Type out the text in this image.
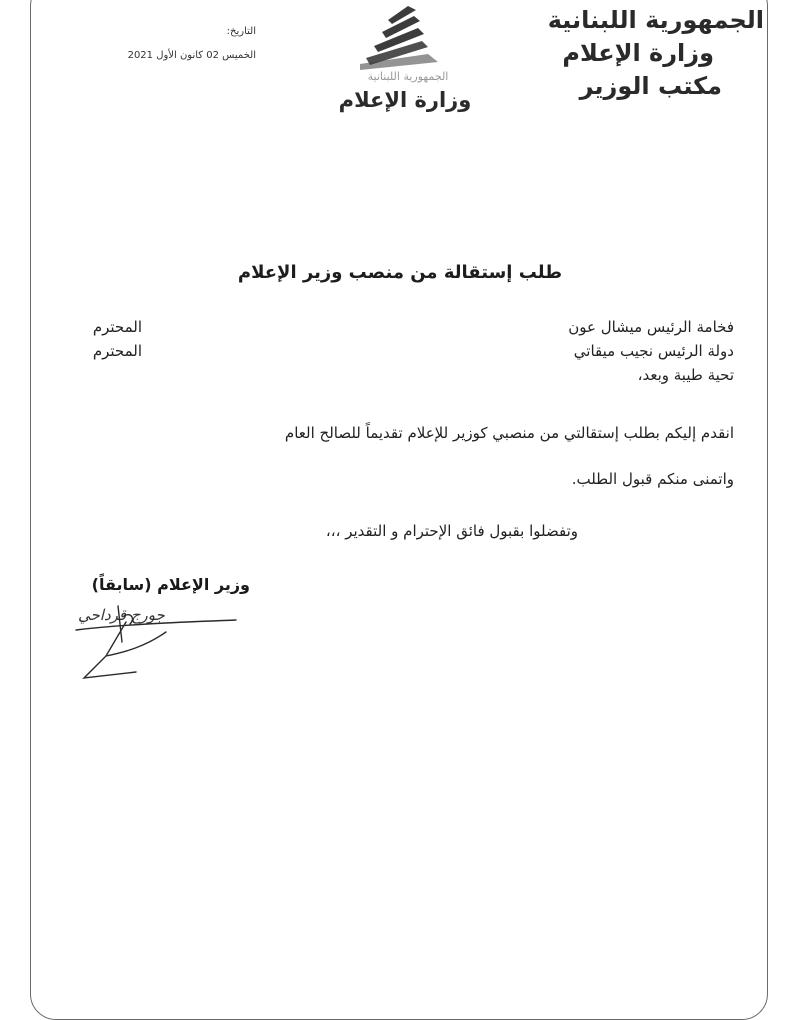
الجمهورية اللبنانية
وزارة الإعلام
مكتب الوزير
الجمهورية اللبنانية
وزارة الإعلام
التاريخ:
الخميس 02 كانون الأول 2021
طلب إستقالة من منصب وزير الإعلام
فخامة الرئيس ميشال عون
المحترم
دولة الرئيس نجيب ميقاتي
المحترم
تحية طيبة وبعد،
انقدم إليكم بطلب إستقالتي من منصبي كوزير للإعلام تقديماً للصالح العام
واتمنى منكم قبول الطلب.
وتفضلوا بقبول فائق الإحترام و التقدير ،،،
وزير الإعلام (سابقاً)
جورج قرداحي
